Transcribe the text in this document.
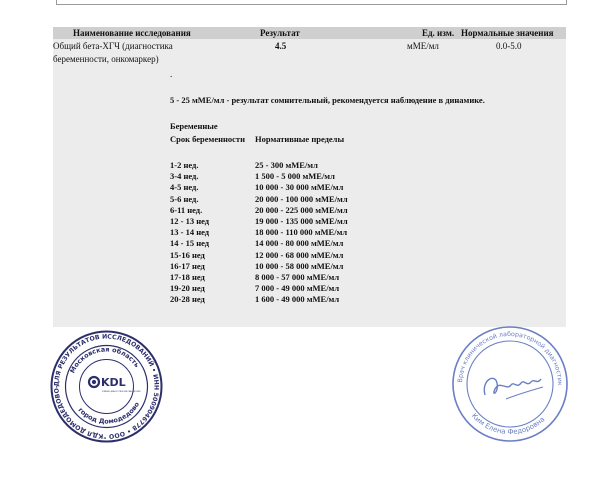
Наименование исследования	Результат	Ед. изм. Нормальные значения
Общий бета-ХГЧ (диагностика
беременности, онкомаркер)
4.5	мМЕ/мл	0.0-5.0
.
5 - 25 мМЕ/мл - результат сомнительный, рекомендуется наблюдение в динамике.
Беременные
Срок беременности Нормативные пределы
1-2 нед.	25 - 300 мМЕ/мл
3-4 нед.	1 500 - 5 000 мМЕ/мл
4-5 нед.	10 000 - 30 000 мМЕ/мл
5-6 нед.	20 000 - 100 000 мМЕ/мл
6-11 нед.	20 000 - 225 000 мМЕ/мл
12 - 13 нед	19 000 - 135 000 мМЕ/мл
13 - 14 нед	18 000 - 110 000 мМЕ/мл
14 - 15 нед	14 000 - 80 000 мМЕ/мл
15-16 нед	12 000 - 68 000 мМЕ/мл
16-17 нед	10 000 - 58 000 мМЕ/мл
17-18 нед	8 000 - 57 000 мМЕ/мл
19-20 нед	7 000 - 49 000 мМЕ/мл
20-28 нед	1 600 - 49 000 мМЕ/мл
ДЛЯ РЕЗУЛЬТАТОВ ИССЛЕДОВАНИЙ • ИНН 5009046778 • ООО "КДЛ ДОМОДЕДОВО-
Московская область
город Домодедово
KDL
КЛИНИКО-ДИАГНОСТИЧЕСКИЕ ЛАБОРАТОРИИ
Врач клинической лабораторной диагностик
Ким Елена Федоровна
